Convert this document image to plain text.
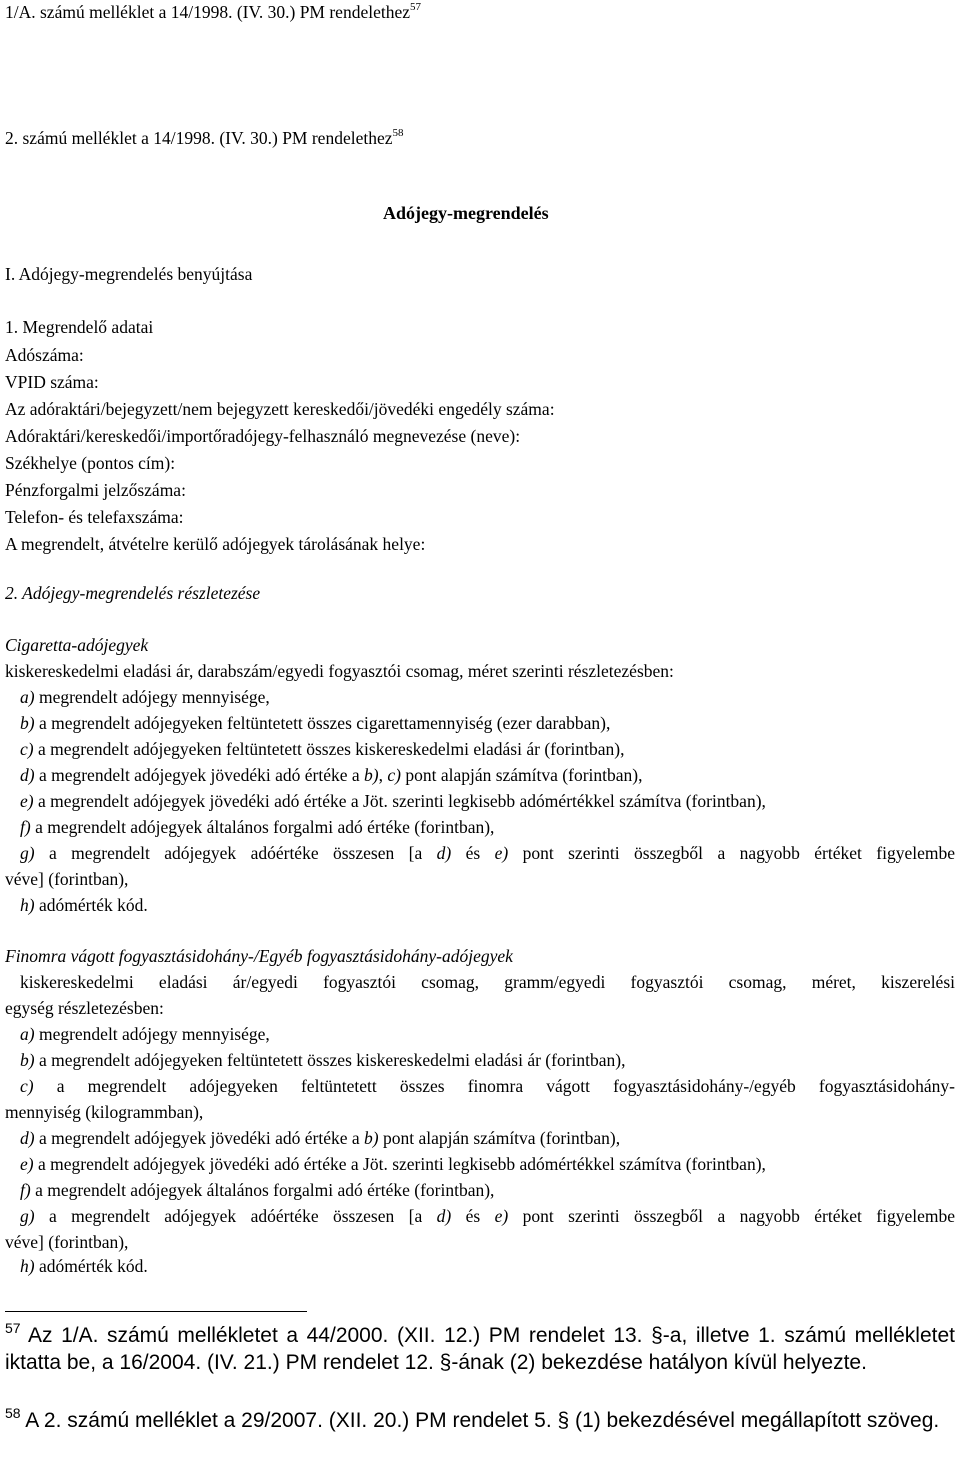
1/A. számú melléklet a 14/1998. (IV. 30.) PM rendelethez$^{57}$
2. számú melléklet a 14/1998. (IV. 30.) PM rendelethez$^{58}$
Adójegy-megrendelés
I. Adójegy-megrendelés benyújtása
1. Megrendelő adatai
Adószáma:
VPID száma:
Az adóraktári/bejegyzett/nem bejegyzett kereskedői/jövedéki engedély száma:
Adóraktári/kereskedői/importőradójegy-felhasználó megnevezése (neve):
Székhelye (pontos cím):
Pénzforgalmi jelzőszáma:
Telefon- és telefaxszáma:
A megrendelt, átvételre kerülő adójegyek tárolásának helye:
2. Adójegy-megrendelés részletezése
Cigaretta-adójegyek
kiskereskedelmi eladási ár, darabszám/egyedi fogyasztói csomag, méret szerinti részletezésben:
a) megrendelt adójegy mennyisége,
b) a megrendelt adójegyeken feltüntetett összes cigarettamennyiség (ezer darabban),
c) a megrendelt adójegyeken feltüntetett összes kiskereskedelmi eladási ár (forintban),
d) a megrendelt adójegyek jövedéki adó értéke a b), c) pont alapján számítva (forintban),
e) a megrendelt adójegyek jövedéki adó értéke a Jöt. szerinti legkisebb adómértékkel számítva (forintban),
f) a megrendelt adójegyek általános forgalmi adó értéke (forintban),
g) a megrendelt adójegyek adóértéke összesen [a d) és e) pont szerinti összegből a nagyobb értéket figyelembe
véve] (forintban),
h) adómérték kód.
Finomra vágott fogyasztásidohány-/Egyéb fogyasztásidohány-adójegyek
kiskereskedelmi eladási ár/egyedi fogyasztói csomag, gramm/egyedi fogyasztói csomag, méret, kiszerelési
egység részletezésben:
a) megrendelt adójegy mennyisége,
b) a megrendelt adójegyeken feltüntetett összes kiskereskedelmi eladási ár (forintban),
c) a megrendelt adójegyeken feltüntetett összes finomra vágott fogyasztásidohány-/egyéb fogyasztásidohány-
mennyiség (kilogrammban),
d) a megrendelt adójegyek jövedéki adó értéke a b) pont alapján számítva (forintban),
e) a megrendelt adójegyek jövedéki adó értéke a Jöt. szerinti legkisebb adómértékkel számítva (forintban),
f) a megrendelt adójegyek általános forgalmi adó értéke (forintban),
g) a megrendelt adójegyek adóértéke összesen [a d) és e) pont szerinti összegből a nagyobb értéket figyelembe
véve] (forintban),
h) adómérték kód.
$^{57}$ Az 1/A. számú mellékletet a 44/2000. (XII. 12.) PM rendelet 13. §-a, illetve 1. számú mellékletet iktatta be, a 16/2004. (IV. 21.) PM rendelet 12. §-ának (2) bekezdése hatályon kívül helyezte.
$^{58}$ A 2. számú melléklet a 29/2007. (XII. 20.) PM rendelet 5. § (1) bekezdésével megállapított szöveg.
